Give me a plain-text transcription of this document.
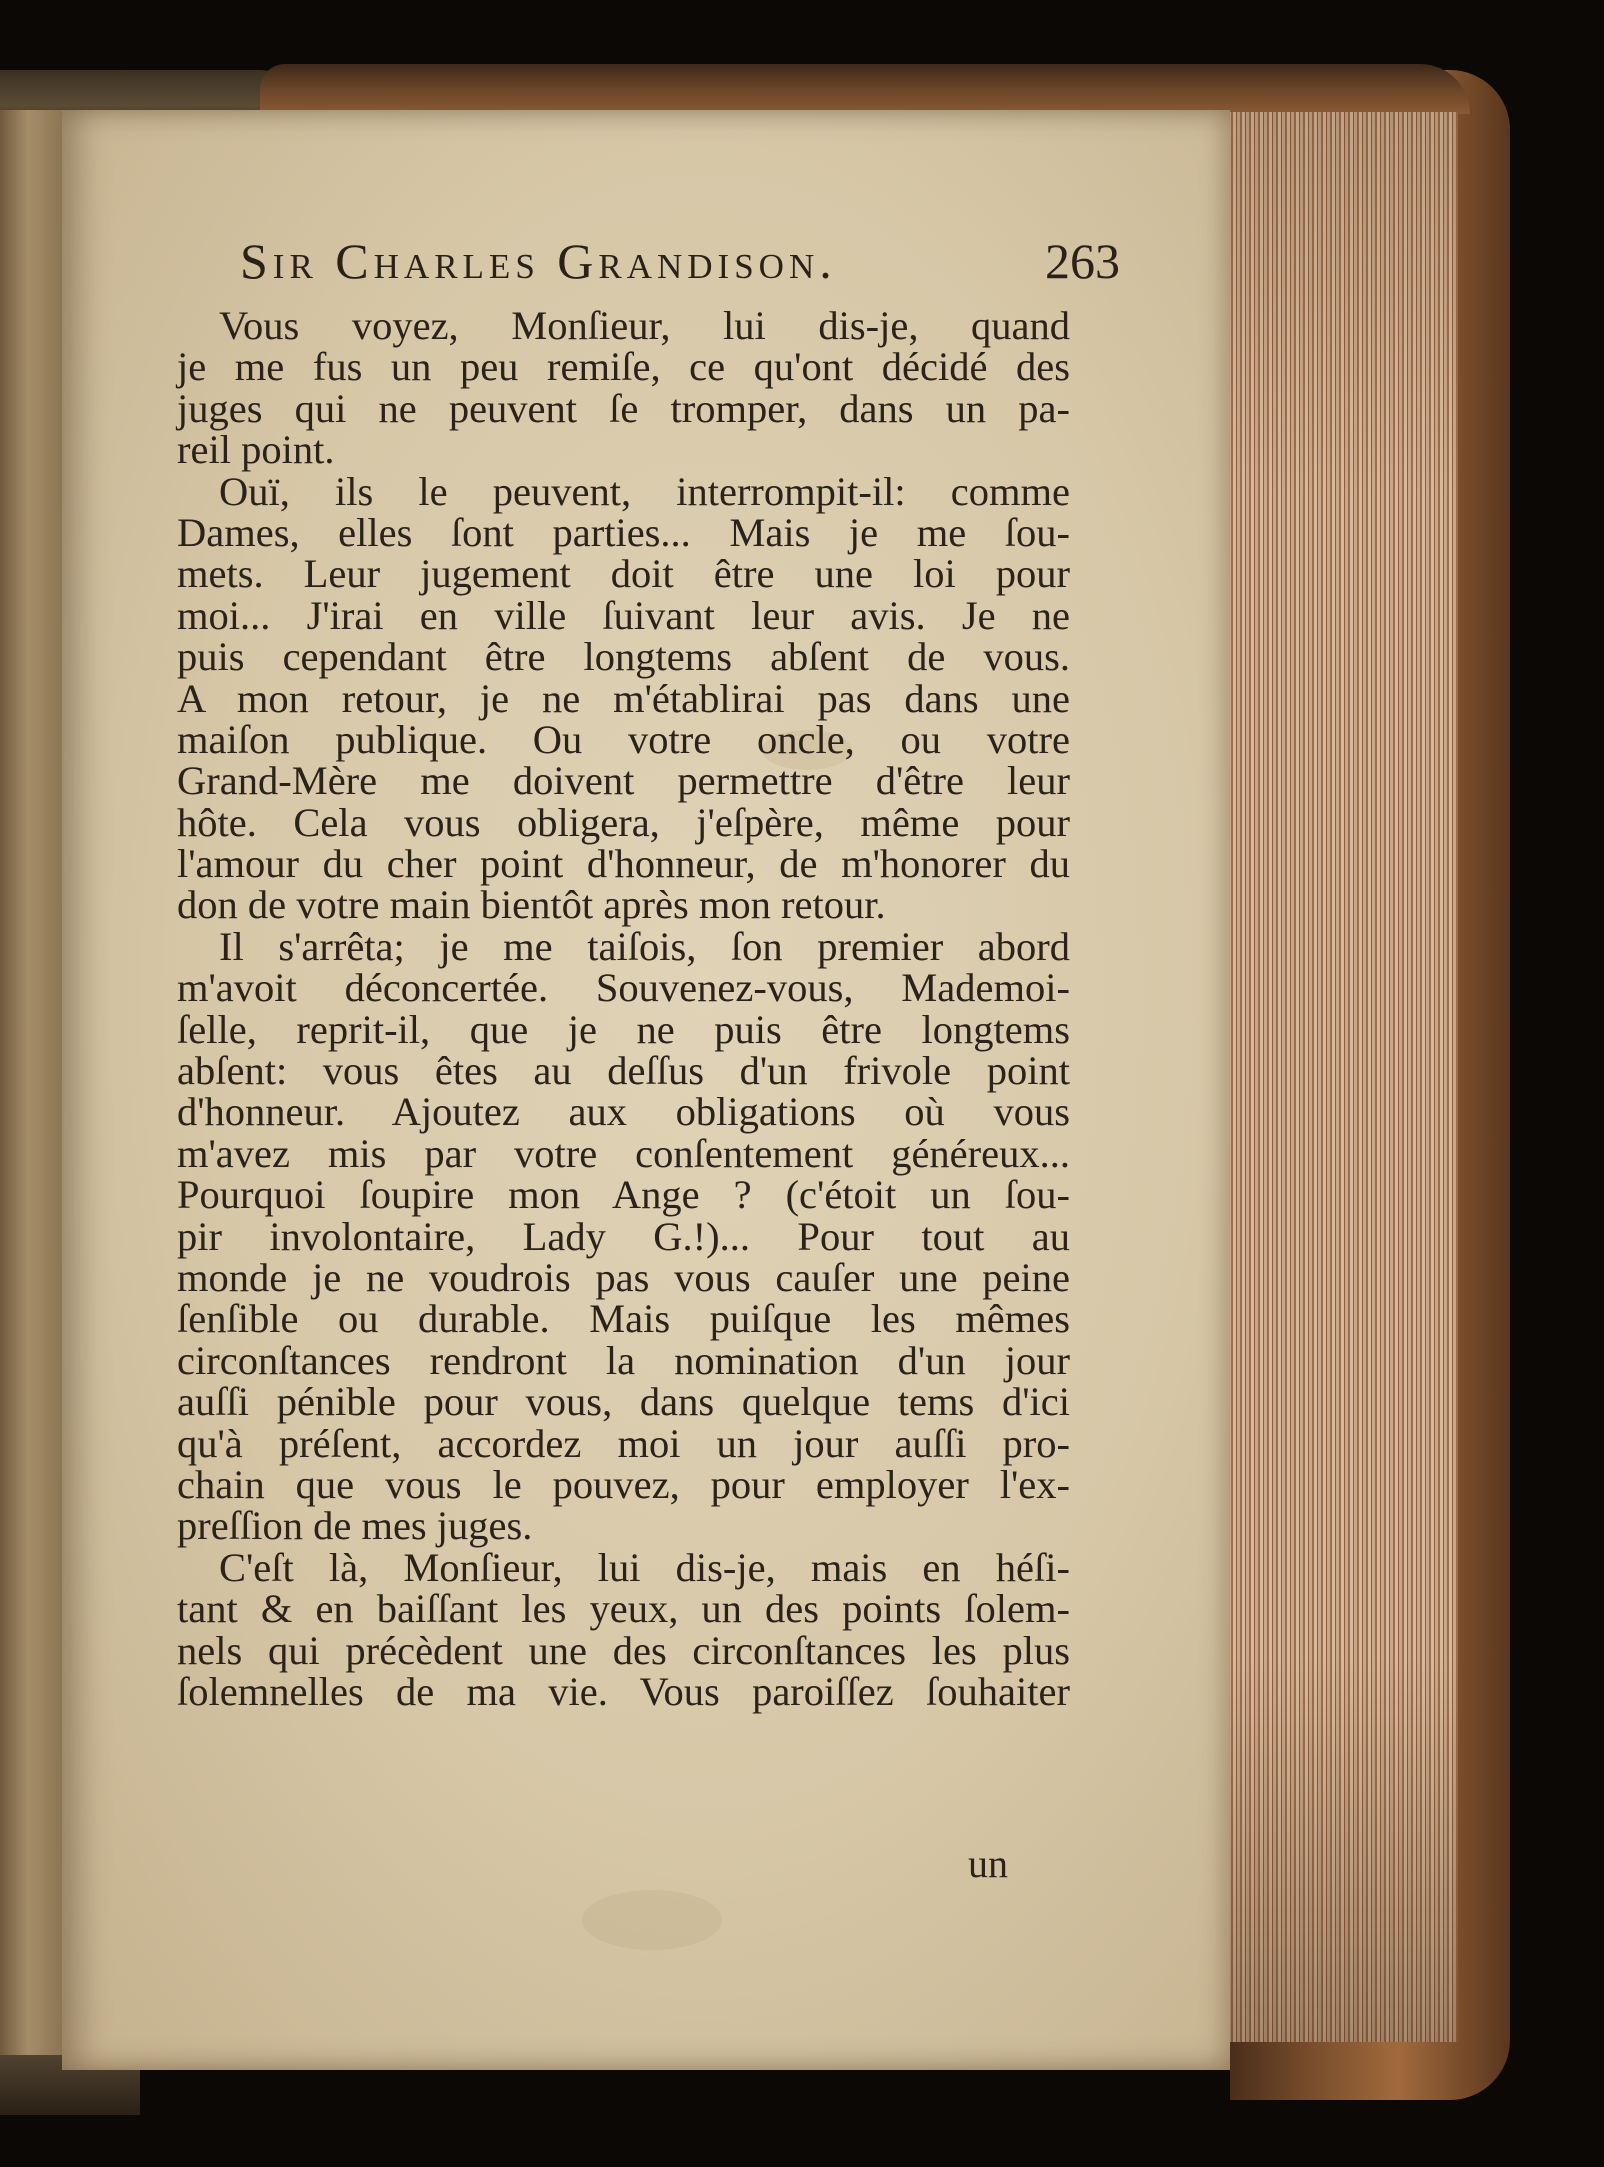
Sir Charles Grandison.	263
Vous voyez, Monſieur, lui dis-je, quand
je me fus un peu remiſe, ce qu'ont décidé des
juges qui ne peuvent ſe tromper, dans un pa-
reil point.
Ouï, ils le peuvent, interrompit-il: comme
Dames, elles ſont parties... Mais je me ſou-
mets. Leur jugement doit être une loi pour
moi... J'irai en ville ſuivant leur avis. Je ne
puis cependant être longtems abſent de vous.
A mon retour, je ne m'établirai pas dans une
maiſon publique. Ou votre oncle, ou votre
Grand-Mère me doivent permettre d'être leur
hôte. Cela vous obligera, j'eſpère, même pour
l'amour du cher point d'honneur, de m'honorer du
don de votre main bientôt après mon retour.
Il s'arrêta; je me taiſois, ſon premier abord
m'avoit déconcertée. Souvenez-vous, Mademoi-
ſelle, reprit-il, que je ne puis être longtems
abſent: vous êtes au deſſus d'un frivole point
d'honneur. Ajoutez aux obligations où vous
m'avez mis par votre conſentement généreux...
Pourquoi ſoupire mon Ange ? (c'étoit un ſou-
pir involontaire, Lady G.!)... Pour tout au
monde je ne voudrois pas vous cauſer une peine
ſenſible ou durable. Mais puiſque les mêmes
circonſtances rendront la nomination d'un jour
auſſi pénible pour vous, dans quelque tems d'ici
qu'à préſent, accordez moi un jour auſſi pro-
chain que vous le pouvez, pour employer l'ex-
preſſion de mes juges.
C'eſt là, Monſieur, lui dis-je, mais en héſi-
tant & en baiſſant les yeux, un des points ſolem-
nels qui précèdent une des circonſtances les plus
ſolemnelles de ma vie. Vous paroiſſez ſouhaiter
un
